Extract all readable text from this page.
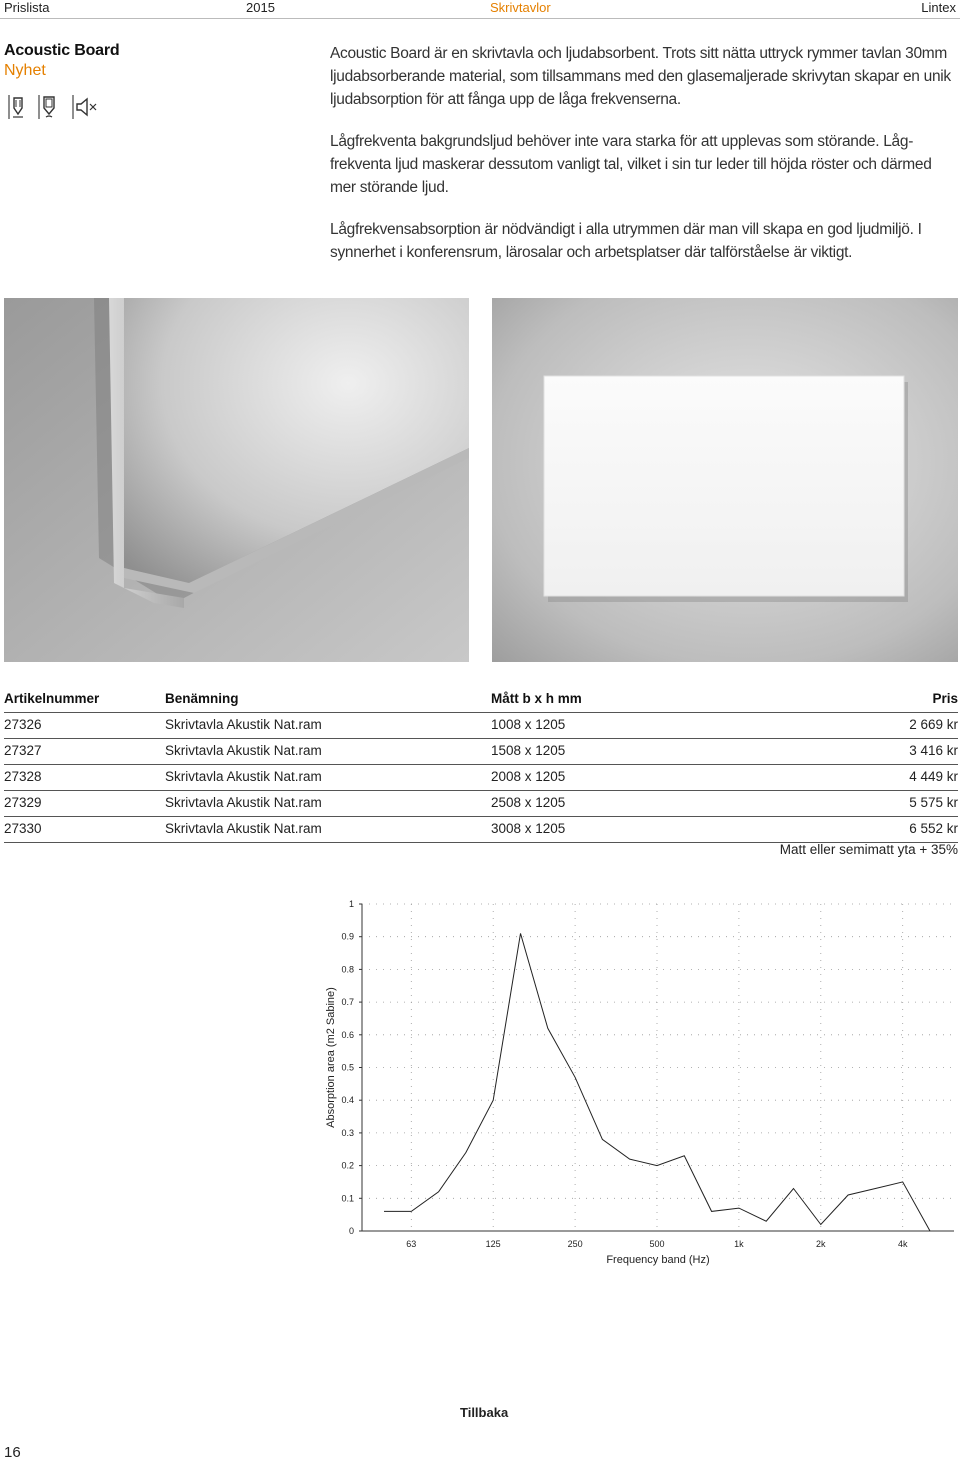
Prislista	2015	Skrivtavlor	Lintex
Acoustic Board
Nyhet

Acoustic Board är en skrivtavla och ljudabsorbent. Trots sitt nätta uttryck rymmer tavlan 30mm ljudabsorberande material, som tillsammans med den glasemaljerade skrivytan skapar en unik ljudabsorption för att fånga upp de låga frekvenserna.

Lågfrekventa bakgrundsljud behöver inte vara starka för att upplevas som störande. Låg-frekventa ljud maskerar dessutom vanligt tal, vilket i sin tur leder till höjda röster och därmed mer störande ljud.

Lågfrekvensabsorption är nödvändigt i alla utrymmen där man vill skapa en god ljudmiljö. I synnerhet i konferensrum, lärosalar och arbetsplatser där talförståelse är viktigt.

Artikelnummer	Benämning	Mått b x h mm	Pris
27326	Skrivtavla Akustik Nat.ram	1008 x 1205	2 669 kr
27327	Skrivtavla Akustik Nat.ram	1508 x 1205	3 416 kr
27328	Skrivtavla Akustik Nat.ram	2008 x 1205	4 449 kr
27329	Skrivtavla Akustik Nat.ram	2508 x 1205	5 575 kr
27330	Skrivtavla Akustik Nat.ram	3008 x 1205	6 552 kr
Matt eller semimatt yta + 35%
0
0.1
0.2
0.3
0.4
0.5
0.6
0.7
0.8
0.9
1
63	125	250	500	1k	2k	4k
Frequency band (Hz)
Absorption area (m2 Sabine)
Tillbaka
16
